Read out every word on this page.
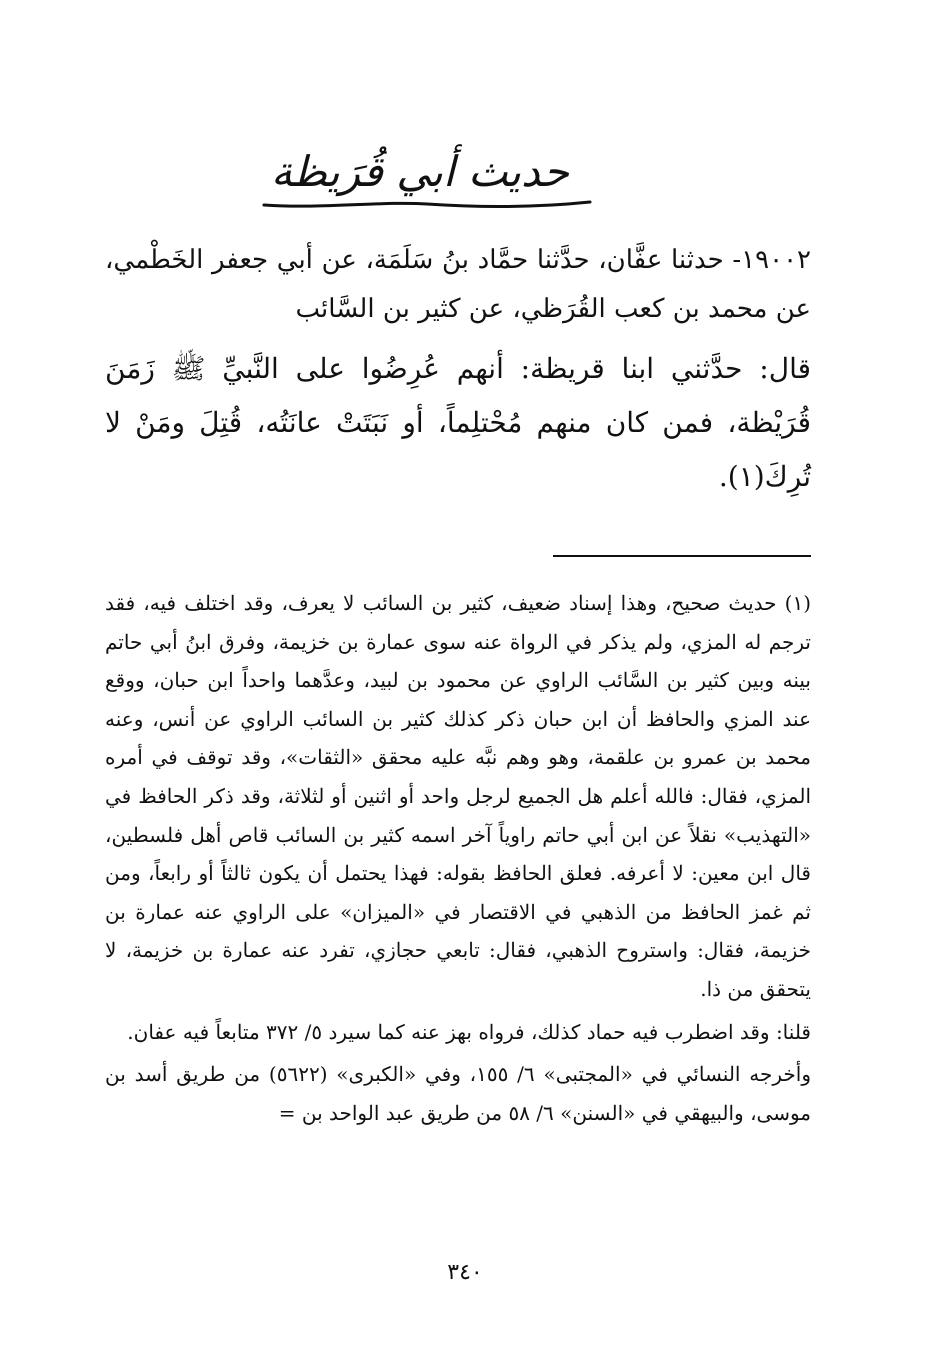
حديث أبي قُرَيظة

١٩٠٠٢- حدثنا عفَّان، حدَّثنا حمَّاد بنُ سَلَمَة، عن أبي جعفر الخَطْمي، عن محمد بن كعب القُرَظي، عن كثير بن السَّائب

قال: حدَّثني ابنا قريظة: أنهم عُرِضُوا على النَّبيِّ ﷺ زَمَنَ قُرَيْظة، فمن كان منهم مُحْتلِماً، أو نَبَتَتْ عانَتُه، قُتِلَ ومَنْ لا تُرِكَ(١).

(١) حديث صحيح، وهذا إسناد ضعيف، كثير بن السائب لا يعرف، وقد اختلف فيه، فقد ترجم له المزي، ولم يذكر في الرواة عنه سوى عمارة بن خزيمة، وفرق ابنُ أبي حاتم بينه وبين كثير بن السَّائب الراوي عن محمود بن لبيد، وعدَّهما واحداً ابن حبان، ووقع عند المزي والحافظ أن ابن حبان ذكر كذلك كثير بن السائب الراوي عن أنس، وعنه محمد بن عمرو بن علقمة، وهو وهم نبَّه عليه محقق «الثقات»، وقد توقف في أمره المزي، فقال: فالله أعلم هل الجميع لرجل واحد أو اثنين أو لثلاثة، وقد ذكر الحافظ في «التهذيب» نقلاً عن ابن أبي حاتم راوياً آخر اسمه كثير بن السائب قاص أهل فلسطين، قال ابن معين: لا أعرفه. فعلق الحافظ بقوله: فهذا يحتمل أن يكون ثالثاً أو رابعاً، ومن ثم غمز الحافظ من الذهبي في الاقتصار في «الميزان» على الراوي عنه عمارة بن خزيمة، فقال: واستروح الذهبي، فقال: تابعي حجازي، تفرد عنه عمارة بن خزيمة، لا يتحقق من ذا.

قلنا: وقد اضطرب فيه حماد كذلك، فرواه بهز عنه كما سيرد ٥/ ٣٧٢ متابعاً فيه عفان.

وأخرجه النسائي في «المجتبى» ٦/ ١٥٥، وفي «الكبرى» (٥٦٢٢) من طريق أسد بن موسى، والبيهقي في «السنن» ٦/ ٥٨ من طريق عبد الواحد بن =

٣٤٠
